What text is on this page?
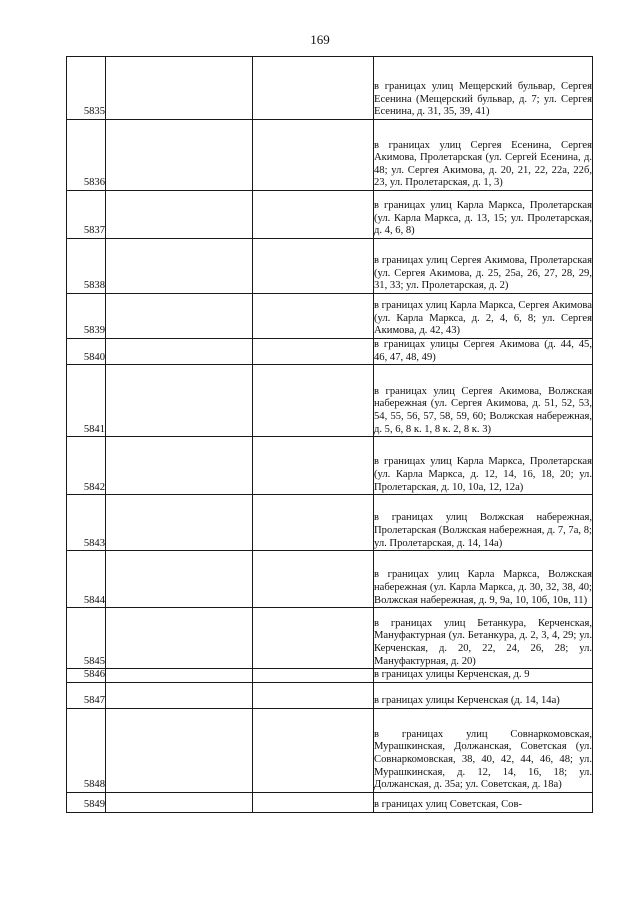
169
5835			в границах улиц Мещерский бульвар, Сергея Есенина (Мещерский бульвар, д. 7; ул. Сергея Есенина, д. 31, 35, 39, 41)
5836			в границах улиц Сергея Есенина, Сергея Акимова, Пролетарская (ул. Сергей Есенина, д. 48; ул. Сергея Акимова, д. 20, 21, 22, 22а, 22б, 23, ул. Пролетарская, д. 1, 3)
5837			в границах улиц Карла Маркса, Пролетарская (ул. Карла Маркса, д. 13, 15; ул. Пролетарская, д. 4, 6, 8)
5838			в границах улиц Сергея Акимова, Пролетарская (ул. Сергея Акимова, д. 25, 25а, 26, 27, 28, 29, 31, 33; ул. Пролетарская, д. 2)
5839			в границах улиц Карла Маркса, Сергея Акимова (ул. Карла Маркса, д. 2, 4, 6, 8; ул. Сергея Акимова, д. 42, 43)
5840			в границах улицы Сергея Акимова (д. 44, 45, 46, 47, 48, 49)
5841			в границах улиц Сергея Акимова, Волжская набережная (ул. Сергея Акимова, д. 51, 52, 53, 54, 55, 56, 57, 58, 59, 60; Волжская набережная, д. 5, 6, 8 к. 1, 8 к. 2, 8 к. 3)
5842			в границах улиц Карла Маркса, Пролетарская (ул. Карла Маркса, д. 12, 14, 16, 18, 20; ул. Пролетарская, д. 10, 10а, 12, 12а)
5843			в границах улиц Волжская набережная, Пролетарская (Волжская набережная, д. 7, 7а, 8; ул. Пролетарская, д. 14, 14а)
5844			в границах улиц Карла Маркса, Волжская набережная (ул. Карла Маркса, д. 30, 32, 38, 40; Волжская набережная, д. 9, 9а, 10, 10б, 10в, 11)
5845			в границах улиц Бетанкура, Керченская, Мануфактурная (ул. Бетанкура, д. 2, 3, 4, 29; ул. Керченская, д. 20, 22, 24, 26, 28; ул. Мануфактурная, д. 20)
5846			в границах улицы Керченская, д. 9
5847			в границах улицы Керченская (д. 14, 14а)
5848			в границах улиц Совнаркомовская, Мурашкинская, Должанская, Советская (ул. Совнаркомовская, 38, 40, 42, 44, 46, 48; ул. Мурашкинская, д. 12, 14, 16, 18; ул. Должанская, д. 35а; ул. Советская, д. 18а)
5849			в границах улиц Советская, Сов-
